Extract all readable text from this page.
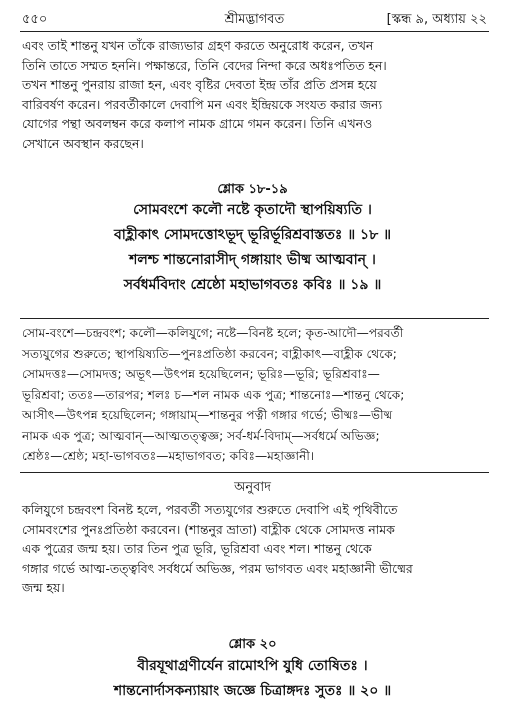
৫৫০	শ্রীমদ্ভাগবত	[স্কন্ধ ৯, অধ্যায় ২২

এবং তাই শান্তনু যখন তাঁকে রাজ্যভার গ্রহণ করতে অনুরোধ করেন, তখন

তিনি তাতে সম্মত হননি। পক্ষান্তরে, তিনি বেদের নিন্দা করে অধঃপতিত হন।

তখন শান্তনু পুনরায় রাজা হন, এবং বৃষ্টির দেবতা ইন্দ্র তাঁর প্রতি প্রসন্ন হয়ে

বারিবর্ষণ করেন। পরবর্তীকালে দেবাপি মন এবং ইন্দ্রিয়কে সংযত করার জন্য

যোগের পন্থা অবলম্বন করে কলাপ নামক গ্রামে গমন করেন। তিনি এখনও

সেখানে অবস্থান করছেন।

শ্লোক ১৮-১৯

সোমবংশে কলৌ নষ্টে কৃতাদৌ স্থাপয়িষ্যতি ।

বাহ্লীকাৎ সোমদত্তোঽভূদ্ ভূরির্ভূরিশ্রবাস্ততঃ ॥ ১৮ ॥

শলশ্চ শান্তনোরাসীদ্ গঙ্গায়াং ভীষ্ম আত্মবান্ ।

সর্বধর্মবিদাং শ্রেষ্ঠো মহাভাগবতঃ কবিঃ ॥ ১৯ ॥

সোম-বংশে—চন্দ্রবংশ; কলৌ—কলিযুগে; নষ্টে—বিনষ্ট হলে; কৃত-আদৌ—পরবর্তী

সত্যযুগের শুরুতে; স্থাপয়িষ্যতি—পুনঃপ্রতিষ্ঠা করবেন; বাহ্লীকাৎ—বাহ্লীক থেকে;

সোমদত্তঃ—সোমদত্ত; অভূৎ—উৎপন্ন হয়েছিলেন; ভূরিঃ—ভূরি; ভূরিশ্রবাঃ—

ভূরিশ্রবা; ততঃ—তারপর; শলঃ চ—শল নামক এক পুত্র; শান্তনোঃ—শান্তনু থেকে;

আসীৎ—উৎপন্ন হয়েছিলেন; গঙ্গায়াম্—শান্তনুর পত্নী গঙ্গার গর্ভে; ভীষ্মঃ—ভীষ্ম

নামক এক পুত্র; আত্মবান্—আত্মতত্ত্বজ্ঞ; সর্ব-ধর্ম-বিদাম্—সর্বধর্মে অভিজ্ঞ;

শ্রেষ্ঠঃ—শ্রেষ্ঠ; মহা-ভাগবতঃ—মহাভাগবত; কবিঃ—মহাজ্ঞানী।

অনুবাদ

কলিযুগে চন্দ্রবংশ বিনষ্ট হলে, পরবর্তী সত্যযুগের শুরুতে দেবাপি এই পৃথিবীতে

সোমবংশের পুনঃপ্রতিষ্ঠা করবেন। (শান্তনুর ভ্রাতা) বাহ্লীক থেকে সোমদত্ত নামক

এক পুত্রের জন্ম হয়। তার তিন পুত্র ভূরি, ভূরিশ্রবা এবং শল। শান্তনু থেকে

গঙ্গার গর্ভে আত্ম-তত্ত্ববিৎ সর্বধর্মে অভিজ্ঞ, পরম ভাগবত এবং মহাজ্ঞানী ভীষ্মের

জন্ম হয়।

শ্লোক ২০

বীরযূথাগ্রণীর্যেন রামোঽপি যুধি তোষিতঃ ।

শান্তনোর্দাসকন্যায়াং জজ্ঞে চিত্রাঙ্গদঃ সুতঃ ॥ ২০ ॥
